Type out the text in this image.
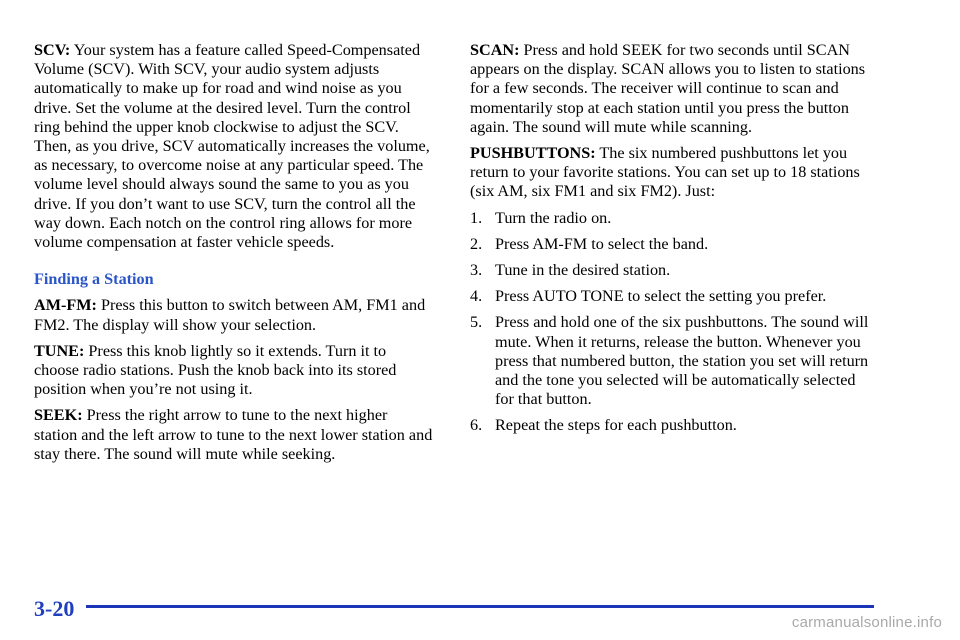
SCV: Your system has a feature called Speed-Compensated Volume (SCV). With SCV, your audio system adjusts automatically to make up for road and wind noise as you drive. Set the volume at the desired level. Turn the control ring behind the upper knob clockwise to adjust the SCV. Then, as you drive, SCV automatically increases the volume, as necessary, to overcome noise at any particular speed. The volume level should always sound the same to you as you drive. If you don’t want to use SCV, turn the control all the way down. Each notch on the control ring allows for more volume compensation at faster vehicle speeds.

Finding a Station

AM-FM: Press this button to switch between AM, FM1 and FM2. The display will show your selection.

TUNE: Press this knob lightly so it extends. Turn it to choose radio stations. Push the knob back into its stored position when you’re not using it.

SEEK: Press the right arrow to tune to the next higher station and the left arrow to tune to the next lower station and stay there. The sound will mute while seeking.

SCAN: Press and hold SEEK for two seconds until SCAN appears on the display. SCAN allows you to listen to stations for a few seconds. The receiver will continue to scan and momentarily stop at each station until you press the button again. The sound will mute while scanning.

PUSHBUTTONS: The six numbered pushbuttons let you return to your favorite stations. You can set up to 18 stations (six AM, six FM1 and six FM2). Just:

1. Turn the radio on.
2. Press AM-FM to select the band.
3. Tune in the desired station.
4. Press AUTO TONE to select the setting you prefer.
5. Press and hold one of the six pushbuttons. The sound will mute. When it returns, release the button. Whenever you press that numbered button, the station you set will return and the tone you selected will be automatically selected for that button.
6. Repeat the steps for each pushbutton.
3-20
carmanualsonline.info
